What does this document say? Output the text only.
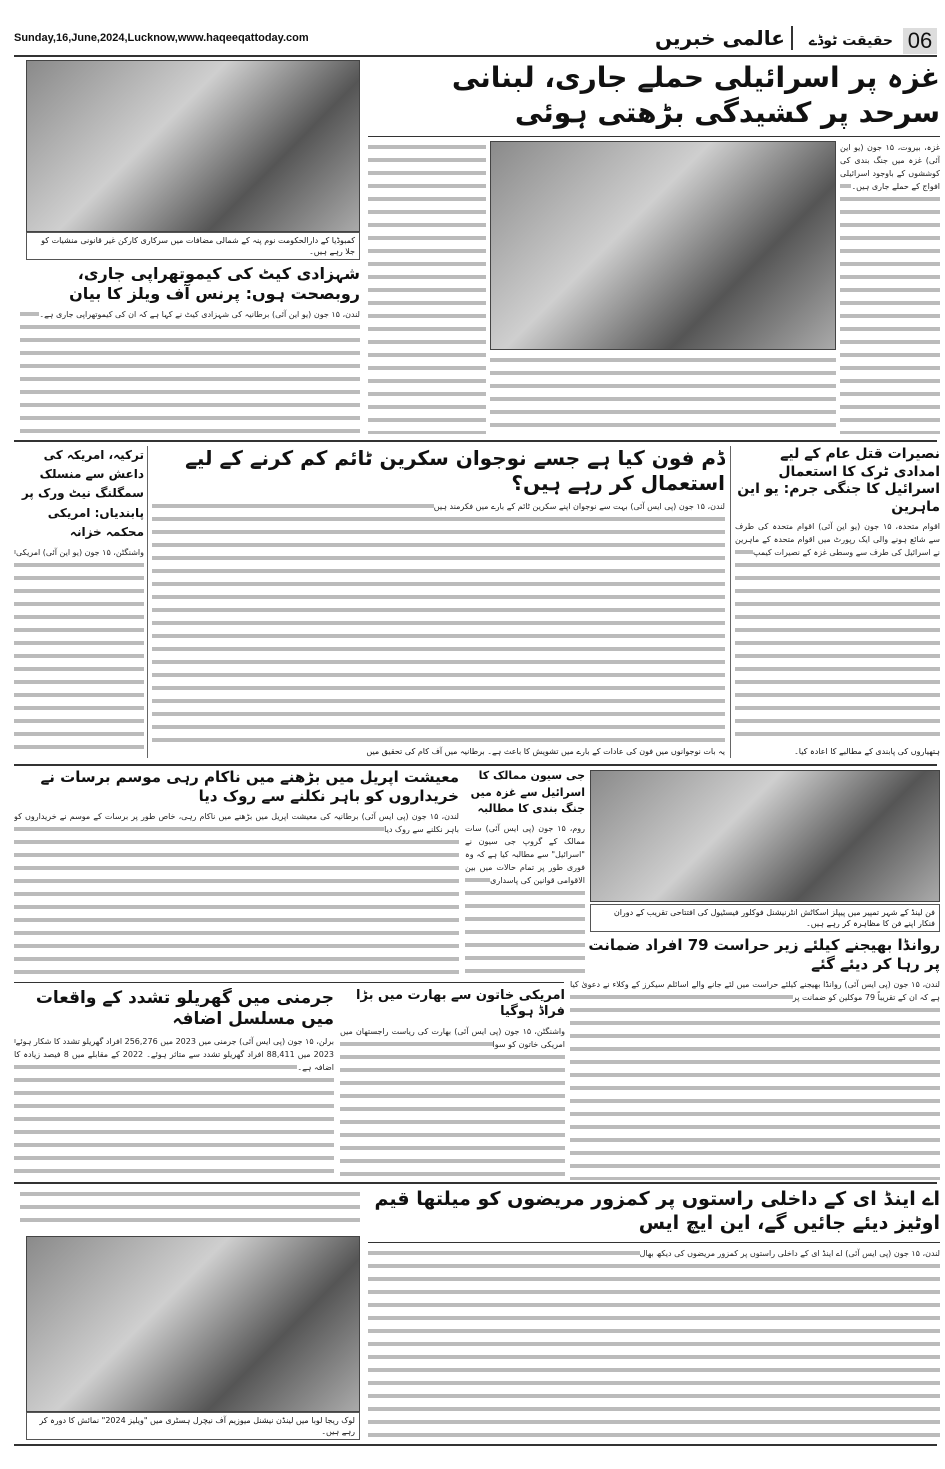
Sunday,16,June,2024,Lucknow,www.haqeeqattoday.com	06
حقیقت ٹوڈےعالمی خبریں
کمبوڈیا کے دارالحکومت نوم پنہ کے شمالی مضافات میں سرکاری کارکن غیر قانونی منشیات کو جلا رہے ہیں۔
شہزادی کیٹ کی کیموتھراپی جاری، روبصحت ہوں: پرنس آف ویلز کا بیان
لندن، ۱۵ جون (یو این آئی) برطانیہ کی شہزادی کیٹ نے کہا ہے کہ ان کی کیموتھراپی جاری ہے۔
غزہ پر اسرائیلی حملے جاری، لبنانی سرحد پر کشیدگی بڑھتی ہوئی
غزہ، بیروت، ۱۵ جون (یو این آئی) غزہ میں جنگ بندی کی کوششوں کے باوجود اسرائیلی افواج کے حملے جاری ہیں۔
نصیرات قتل عام کے لیے امدادی ٹرک کا استعمال اسرائیل کا جنگی جرم: یو این ماہرین
اقوام متحدہ، ۱۵ جون (یو این آئی) اقوام متحدہ کی طرف سے شائع ہونے والی ایک رپورٹ میں اقوام متحدہ کے ماہرین نے اسرائیل کی طرف سے وسطی غزہ کے نصیرات کیمپ
ہتھیاروں کی پابندی کے مطالبے کا اعادہ کیا۔
ڈم فون کیا ہے جسے نوجوان سکرین ٹائم کم کرنے کے لیے استعمال کر رہے ہیں؟
لندن، ۱۵ جون (پی ایس آئی) بہت سے نوجوان اپنے سکرین ٹائم کے بارے میں فکرمند ہیں
یہ بات نوجوانوں میں فون کی عادات کے بارے میں تشویش کا باعث ہے۔ برطانیہ میں آف کام کی تحقیق میں
ترکیہ، امریکہ کی داعش سے منسلک سمگلنگ نیٹ ورک پر پابندیاں: امریکی محکمہ خزانہ
واشنگٹن، ۱۵ جون (یو این آئی) امریکی
معیشت اپریل میں بڑھنے میں ناکام رہی موسم برسات نے خریداروں کو باہر نکلنے سے روک دیا
لندن، ۱۵ جون (پی ایس آئی) برطانیہ کی معیشت اپریل میں بڑھنے میں ناکام رہی، خاص طور پر برسات کے موسم نے خریداروں کو باہر نکلنے سے روک دیا
جی سیون ممالک کا اسرائیل سے غزہ میں جنگ بندی کا مطالبہ
روم، ۱۵ جون (پی ایس آئی) سات ممالک کے گروپ جی سیون نے "اسرائیل" سے مطالبہ کیا ہے کہ وہ فوری طور پر تمام حالات میں بین الاقوامی قوانین کی پاسداری
فن لینڈ کے شہر تمپیر میں پیپلز اسکاٹش انٹرنیشنل فوکلور فیسٹیول کی افتتاحی تقریب کے دوران فنکار اپنے فن کا مظاہرہ کر رہے ہیں۔
روانڈا بھیجنے کیلئے زیر حراست 79 افراد ضمانت پر رہا کر دیئے گئے
لندن، ۱۵ جون (پی ایس آئی) روانڈا بھیجنے کیلئے حراست میں لئے جانے والے اسائلم سیکرز کے وکلاء نے دعویٰ کیا ہے کہ ان کے تقریباً 79 موکلین کو ضمانت پر
جرمنی میں گھریلو تشدد کے واقعات میں مسلسل اضافہ
برلن، ۱۵ جون (پی ایس آئی) جرمنی میں 2023 میں 256,276 افراد گھریلو تشدد کا شکار ہوئے
2023 میں 88,411 افراد گھریلو تشدد سے متاثر ہوئے۔ 2022 کے مقابلے میں 8 فیصد زیادہ کا اضافہ ہے۔
امریکی خاتون سے بھارت میں بڑا فراڈ ہوگیا
واشنگٹن، ۱۵ جون (پی ایس آئی) بھارت کی ریاست راجستھان میں امریکی خاتون کو سوا
لوک ریجا لوبا میں لینڈن نیشنل میوزیم آف نیچرل ہسٹری میں "ویلیز 2024" نمائش کا دورہ کر رہے ہیں۔
اے اینڈ ای کے داخلی راستوں پر کمزور مریضوں کو میلتھا قیم اوٹیز دیئے جائیں گے، این ایچ ایس
لندن، ۱۵ جون (پی ایس آئی) اے اینڈ ای کے داخلی راستوں پر کمزور مریضوں کی دیکھ بھال
